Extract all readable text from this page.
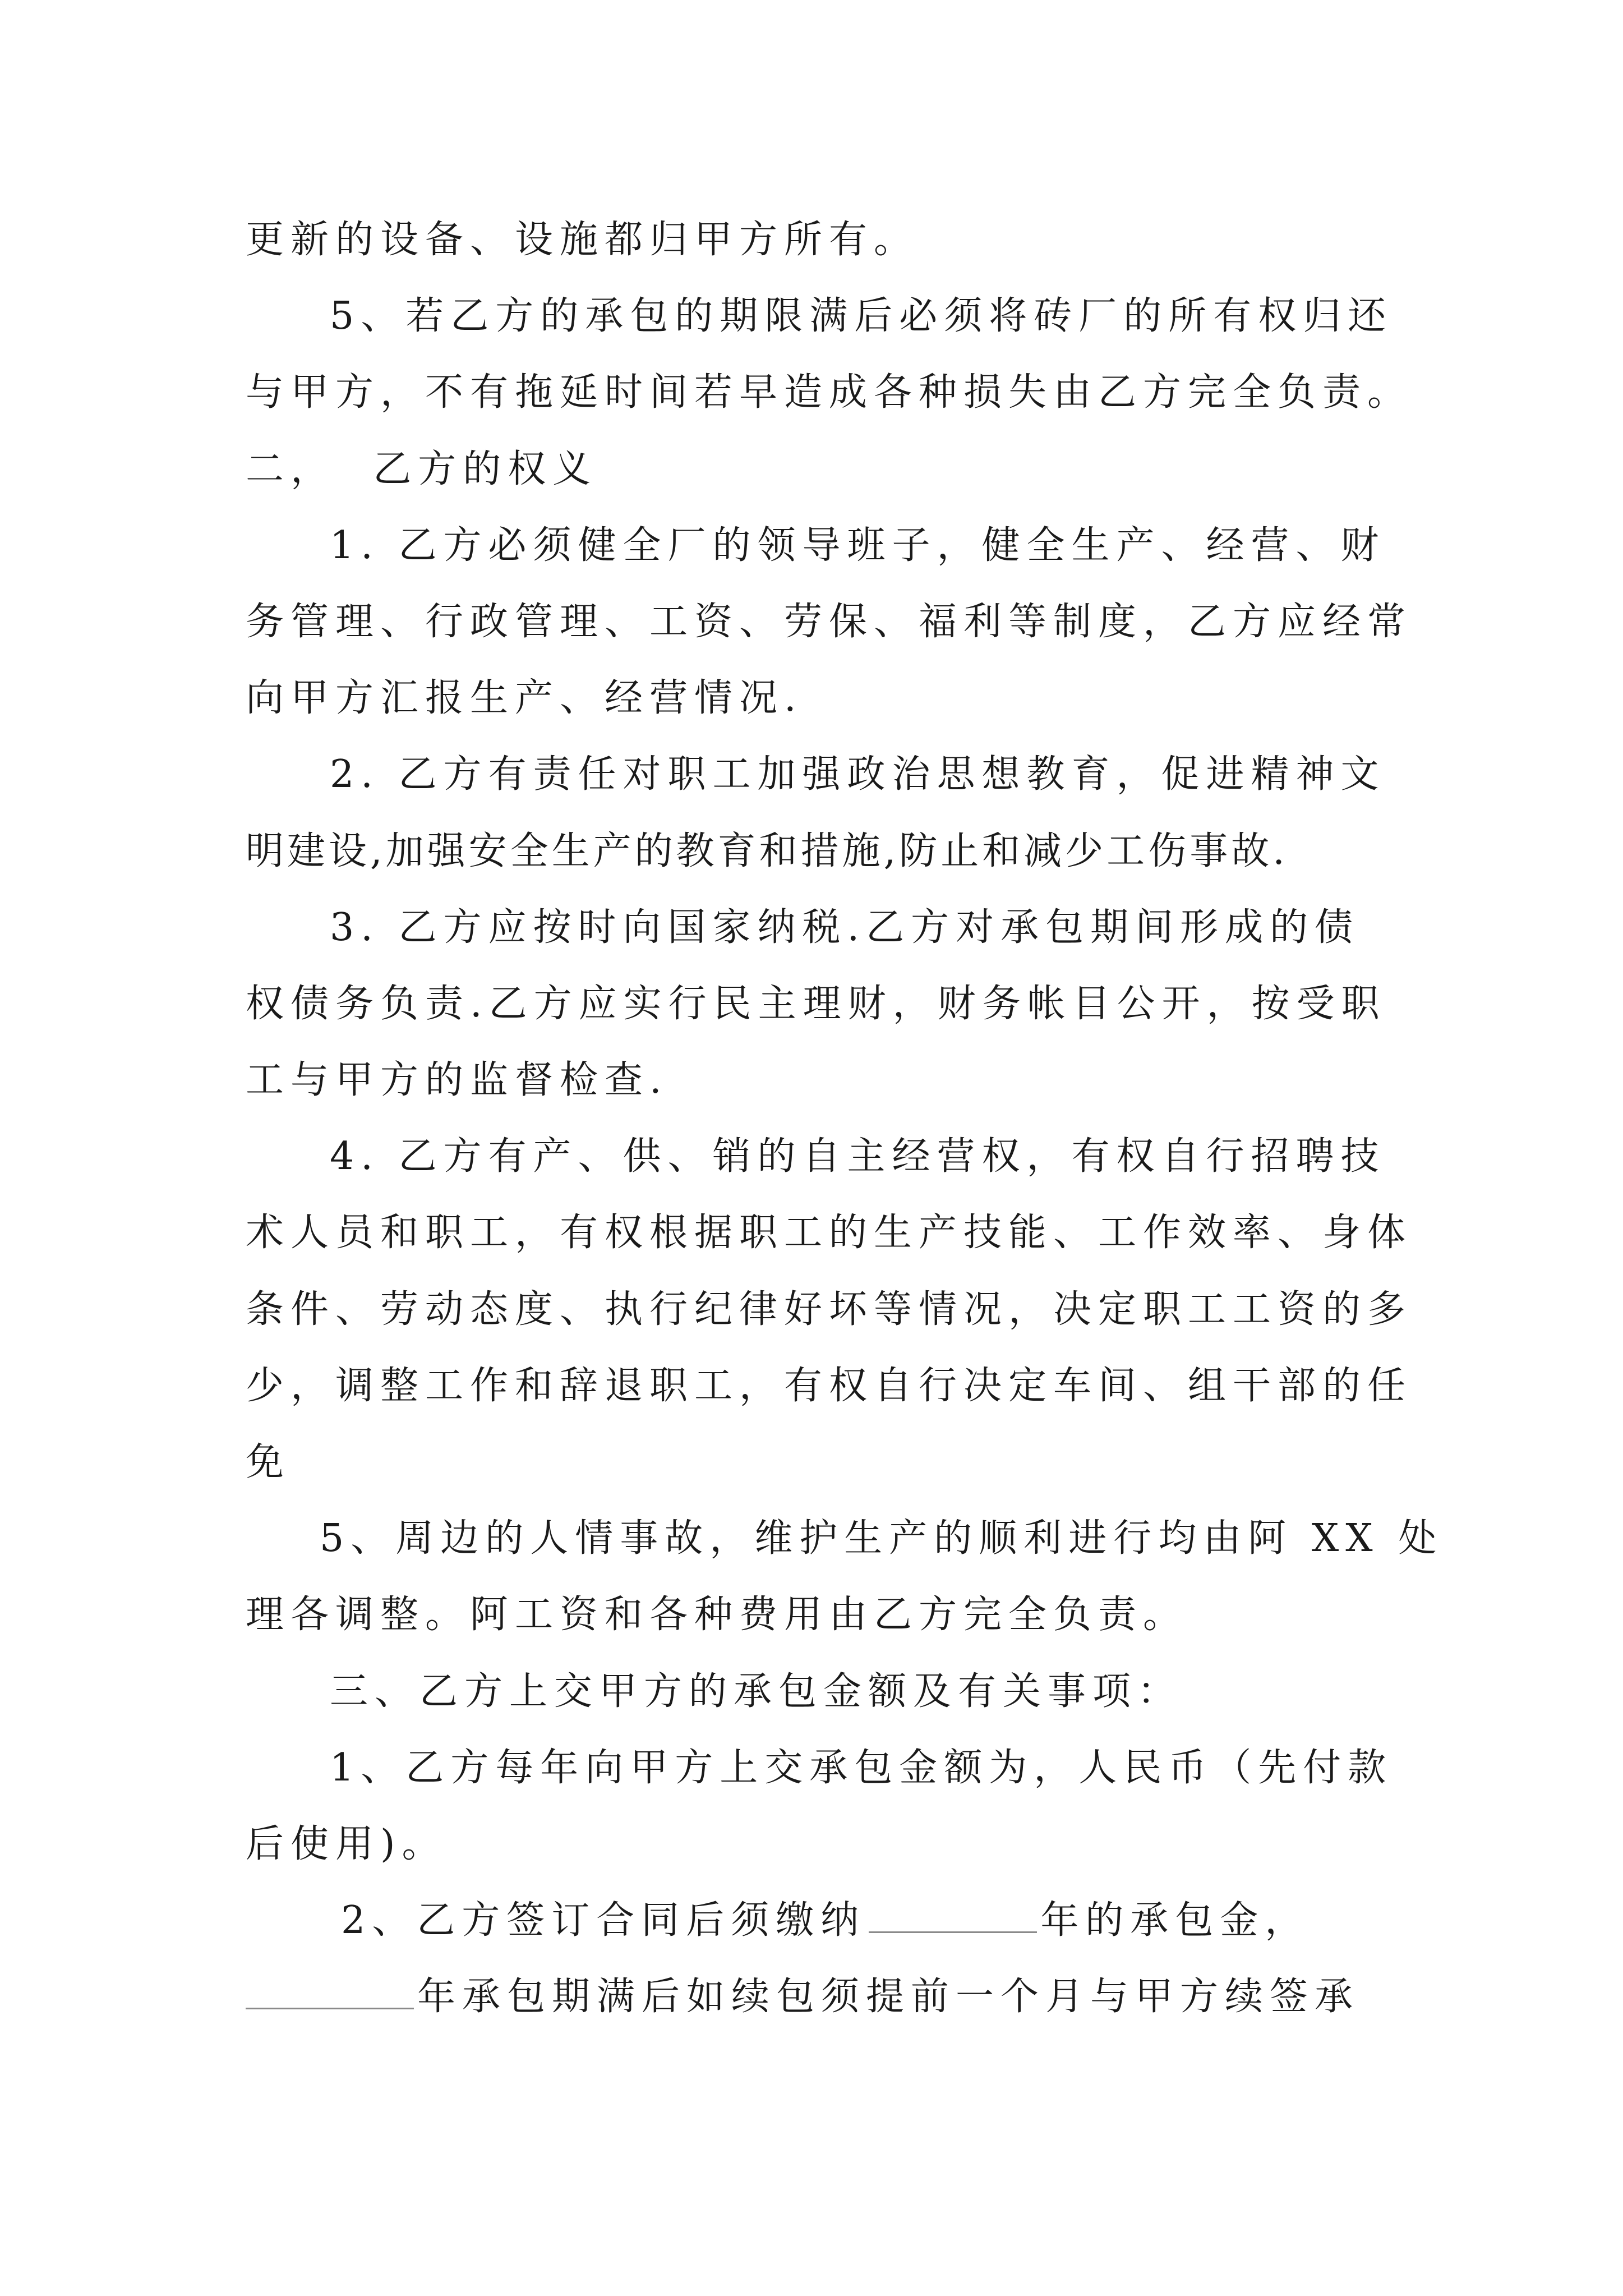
更新的设备、设施都归甲方所有。
5、若乙方的承包的期限满后必须将砖厂的所有权归还
与甲方，不有拖延时间若早造成各种损失由乙方完全负责。
二，  乙方的权义
1. 乙方必须健全厂的领导班子，健全生产、经营、财
务管理、行政管理、工资、劳保、福利等制度，乙方应经常
向甲方汇报生产、经营情况.
2. 乙方有责任对职工加强政治思想教育，促进精神文
明建设,加强安全生产的教育和措施,防止和减少工伤事故.
3. 乙方应按时向国家纳税.乙方对承包期间形成的债
权债务负责.乙方应实行民主理财，财务帐目公开，按受职
工与甲方的监督检查.
4. 乙方有产、供、销的自主经营权，有权自行招聘技
术人员和职工，有权根据职工的生产技能、工作效率、身体
条件、劳动态度、执行纪律好坏等情况，决定职工工资的多
少，调整工作和辞退职工，有权自行决定车间、组干部的任
免
5、周边的人情事故，维护生产的顺利进行均由阿 XX 处
理各调整。阿工资和各种费用由乙方完全负责。
三、乙方上交甲方的承包金额及有关事项：
1、乙方每年向甲方上交承包金额为，人民币（先付款
后使用)。
2、乙方签订合同后须缴纳	年的承包金，
年承包期满后如续包须提前一个月与甲方续签承
